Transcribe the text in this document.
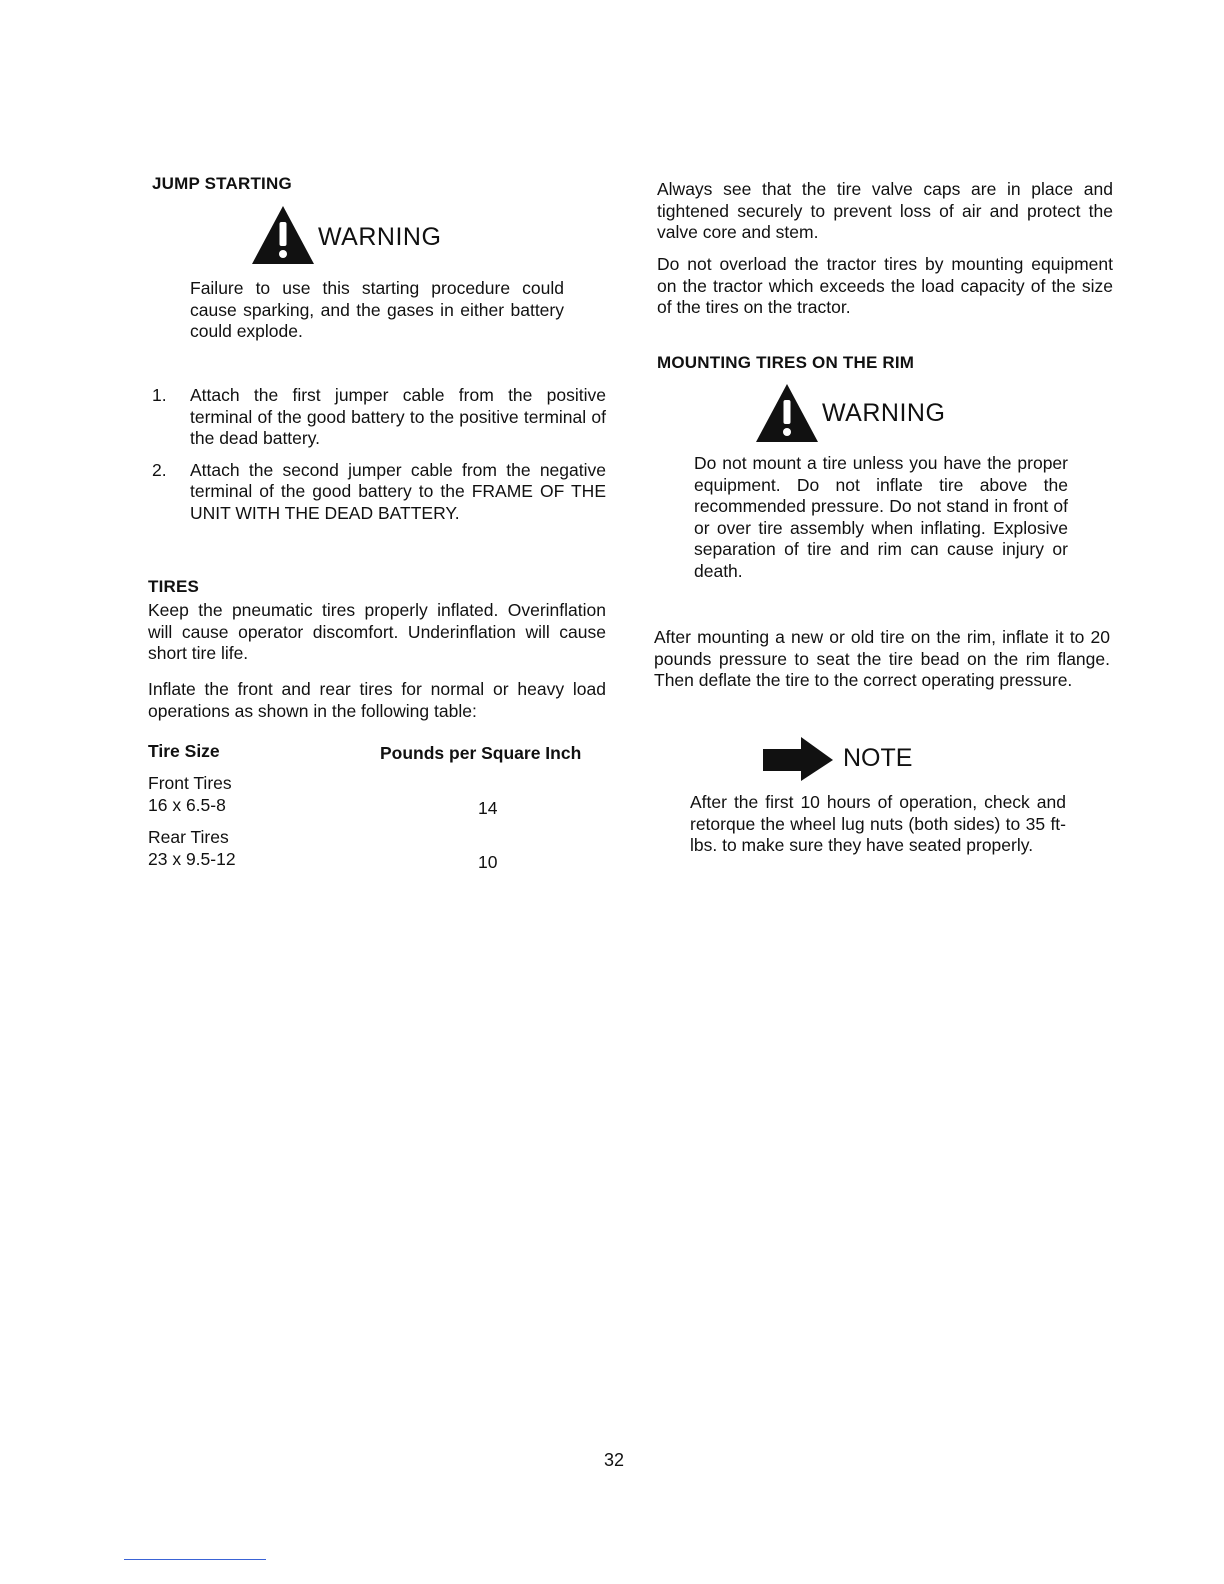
JUMP STARTING
WARNING
Failure to use this starting procedure could cause sparking, and the gases in either battery could explode.
1.	Attach the first jumper cable from the positive terminal of the good battery to the positive terminal of the dead battery.
2.	Attach the second jumper cable from the negative terminal of the good battery to the FRAME OF THE UNIT WITH THE DEAD BATTERY.
TIRES
Keep the pneumatic tires properly inflated. Overinflation will cause operator discomfort. Underinflation will cause short tire life.
Inflate the front and rear tires for normal or heavy load operations as shown in the following table:
Tire Size	Pounds per Square Inch
Front Tires
16 x 6.5-8	14
Rear Tires
23 x 9.5-12	10
Always see that the tire valve caps are in place and tightened securely to prevent loss of air and protect the valve core and stem.
Do not overload the tractor tires by mounting equipment on the tractor which exceeds the load capacity of the size of the tires on the tractor.
MOUNTING TIRES ON THE RIM
WARNING
Do not mount a tire unless you have the proper equipment. Do not inflate tire above the recommended pressure. Do not stand in front of or over tire assembly when inflating. Explosive separation of tire and rim can cause injury or death.
After mounting a new or old tire on the rim, inflate it to 20 pounds pressure to seat the tire bead on the rim flange. Then deflate the tire to the correct operating pressure.
NOTE
After the first 10 hours of operation, check and retorque the wheel lug nuts (both sides) to 35 ft-lbs. to make sure they have seated properly.
32
